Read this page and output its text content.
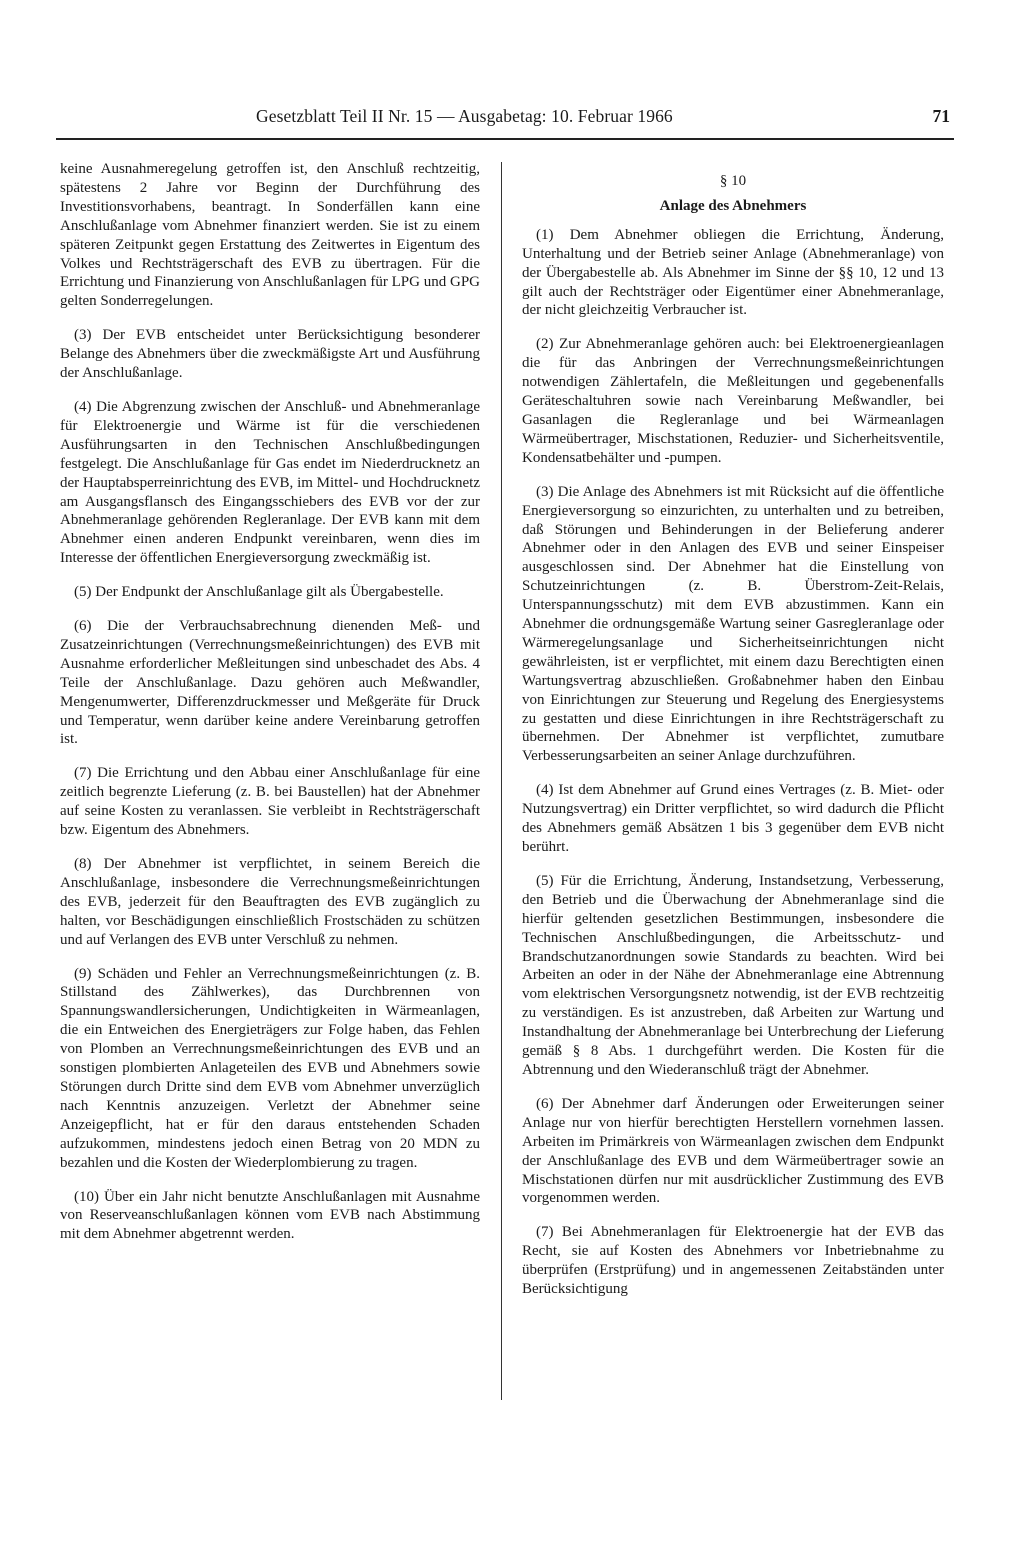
Gesetzblatt Teil II Nr. 15 — Ausgabetag: 10. Februar 1966	71

keine Ausnahmeregelung getroffen ist, den Anschluß rechtzeitig, spätestens 2 Jahre vor Beginn der Durchführung des Investitionsvorhabens, beantragt. In Sonderfällen kann eine Anschlußanlage vom Abnehmer finanziert werden. Sie ist zu einem späteren Zeitpunkt gegen Erstattung des Zeitwertes in Eigentum des Volkes und Rechtsträgerschaft des EVB zu übertragen. Für die Errichtung und Finanzierung von Anschlußanlagen für LPG und GPG gelten Sonderregelungen.

(3) Der EVB entscheidet unter Berücksichtigung besonderer Belange des Abnehmers über die zweckmäßigste Art und Ausführung der Anschlußanlage.

(4) Die Abgrenzung zwischen der Anschluß- und Abnehmeranlage für Elektroenergie und Wärme ist für die verschiedenen Ausführungsarten in den Technischen Anschlußbedingungen festgelegt. Die Anschlußanlage für Gas endet im Niederdrucknetz an der Hauptabsperreinrichtung des EVB, im Mittel- und Hochdrucknetz am Ausgangsflansch des Eingangsschiebers des EVB vor der zur Abnehmeranlage gehörenden Regleranlage. Der EVB kann mit dem Abnehmer einen anderen Endpunkt vereinbaren, wenn dies im Interesse der öffentlichen Energieversorgung zweckmäßig ist.

(5) Der Endpunkt der Anschlußanlage gilt als Übergabestelle.

(6) Die der Verbrauchsabrechnung dienenden Meß- und Zusatzeinrichtungen (Verrechnungsmeßeinrichtungen) des EVB mit Ausnahme erforderlicher Meßleitungen sind unbeschadet des Abs. 4 Teile der Anschlußanlage. Dazu gehören auch Meßwandler, Mengenumwerter, Differenzdruckmesser und Meßgeräte für Druck und Temperatur, wenn darüber keine andere Vereinbarung getroffen ist.

(7) Die Errichtung und den Abbau einer Anschlußanlage für eine zeitlich begrenzte Lieferung (z. B. bei Baustellen) hat der Abnehmer auf seine Kosten zu veranlassen. Sie verbleibt in Rechtsträgerschaft bzw. Eigentum des Abnehmers.

(8) Der Abnehmer ist verpflichtet, in seinem Bereich die Anschlußanlage, insbesondere die Verrechnungsmeßeinrichtungen des EVB, jederzeit für den Beauftragten des EVB zugänglich zu halten, vor Beschädigungen einschließlich Frostschäden zu schützen und auf Verlangen des EVB unter Verschluß zu nehmen.

(9) Schäden und Fehler an Verrechnungsmeßeinrichtungen (z. B. Stillstand des Zählwerkes), das Durchbrennen von Spannungswandlersicherungen, Undichtigkeiten in Wärmeanlagen, die ein Entweichen des Energieträgers zur Folge haben, das Fehlen von Plomben an Verrechnungsmeßeinrichtungen des EVB und an sonstigen plombierten Anlageteilen des EVB und Abnehmers sowie Störungen durch Dritte sind dem EVB vom Abnehmer unverzüglich nach Kenntnis anzuzeigen. Verletzt der Abnehmer seine Anzeigepflicht, hat er für den daraus entstehenden Schaden aufzukommen, mindestens jedoch einen Betrag von 20 MDN zu bezahlen und die Kosten der Wiederplombierung zu tragen.

(10) Über ein Jahr nicht benutzte Anschlußanlagen mit Ausnahme von Reserveanschlußanlagen können vom EVB nach Abstimmung mit dem Abnehmer abgetrennt werden.

§ 10
Anlage des Abnehmers

(1) Dem Abnehmer obliegen die Errichtung, Änderung, Unterhaltung und der Betrieb seiner Anlage (Abnehmeranlage) von der Übergabestelle ab. Als Abnehmer im Sinne der §§ 10, 12 und 13 gilt auch der Rechtsträger oder Eigentümer einer Abnehmeranlage, der nicht gleichzeitig Verbraucher ist.

(2) Zur Abnehmeranlage gehören auch: bei Elektroenergieanlagen die für das Anbringen der Verrechnungsmeßeinrichtungen notwendigen Zählertafeln, die Meßleitungen und gegebenenfalls Geräteschaltuhren sowie nach Vereinbarung Meßwandler, bei Gasanlagen die Regleranlage und bei Wärmeanlagen Wärmeübertrager, Mischstationen, Reduzier- und Sicherheitsventile, Kondensatbehälter und -pumpen.

(3) Die Anlage des Abnehmers ist mit Rücksicht auf die öffentliche Energieversorgung so einzurichten, zu unterhalten und zu betreiben, daß Störungen und Behinderungen in der Belieferung anderer Abnehmer oder in den Anlagen des EVB und seiner Einspeiser ausgeschlossen sind. Der Abnehmer hat die Einstellung von Schutzeinrichtungen (z. B. Überstrom-Zeit-Relais, Unterspannungsschutz) mit dem EVB abzustimmen. Kann ein Abnehmer die ordnungsgemäße Wartung seiner Gasregleranlage oder Wärmeregelungsanlage und Sicherheitseinrichtungen nicht gewährleisten, ist er verpflichtet, mit einem dazu Berechtigten einen Wartungsvertrag abzuschließen. Großabnehmer haben den Einbau von Einrichtungen zur Steuerung und Regelung des Energiesystems zu gestatten und diese Einrichtungen in ihre Rechtsträgerschaft zu übernehmen. Der Abnehmer ist verpflichtet, zumutbare Verbesserungsarbeiten an seiner Anlage durchzuführen.

(4) Ist dem Abnehmer auf Grund eines Vertrages (z. B. Miet- oder Nutzungsvertrag) ein Dritter verpflichtet, so wird dadurch die Pflicht des Abnehmers gemäß Absätzen 1 bis 3 gegenüber dem EVB nicht berührt.

(5) Für die Errichtung, Änderung, Instandsetzung, Verbesserung, den Betrieb und die Überwachung der Abnehmeranlage sind die hierfür geltenden gesetzlichen Bestimmungen, insbesondere die Technischen Anschlußbedingungen, die Arbeitsschutz- und Brandschutzanordnungen sowie Standards zu beachten. Wird bei Arbeiten an oder in der Nähe der Abnehmeranlage eine Abtrennung vom elektrischen Versorgungsnetz notwendig, ist der EVB rechtzeitig zu verständigen. Es ist anzustreben, daß Arbeiten zur Wartung und Instandhaltung der Abnehmeranlage bei Unterbrechung der Lieferung gemäß § 8 Abs. 1 durchgeführt werden. Die Kosten für die Abtrennung und den Wiederanschluß trägt der Abnehmer.

(6) Der Abnehmer darf Änderungen oder Erweiterungen seiner Anlage nur von hierfür berechtigten Herstellern vornehmen lassen. Arbeiten im Primärkreis von Wärmeanlagen zwischen dem Endpunkt der Anschlußanlage des EVB und dem Wärmeübertrager sowie an Mischstationen dürfen nur mit ausdrücklicher Zustimmung des EVB vorgenommen werden.

(7) Bei Abnehmeranlagen für Elektroenergie hat der EVB das Recht, sie auf Kosten des Abnehmers vor Inbetriebnahme zu überprüfen (Erstprüfung) und in angemessenen Zeitabständen unter Berücksichtigung
